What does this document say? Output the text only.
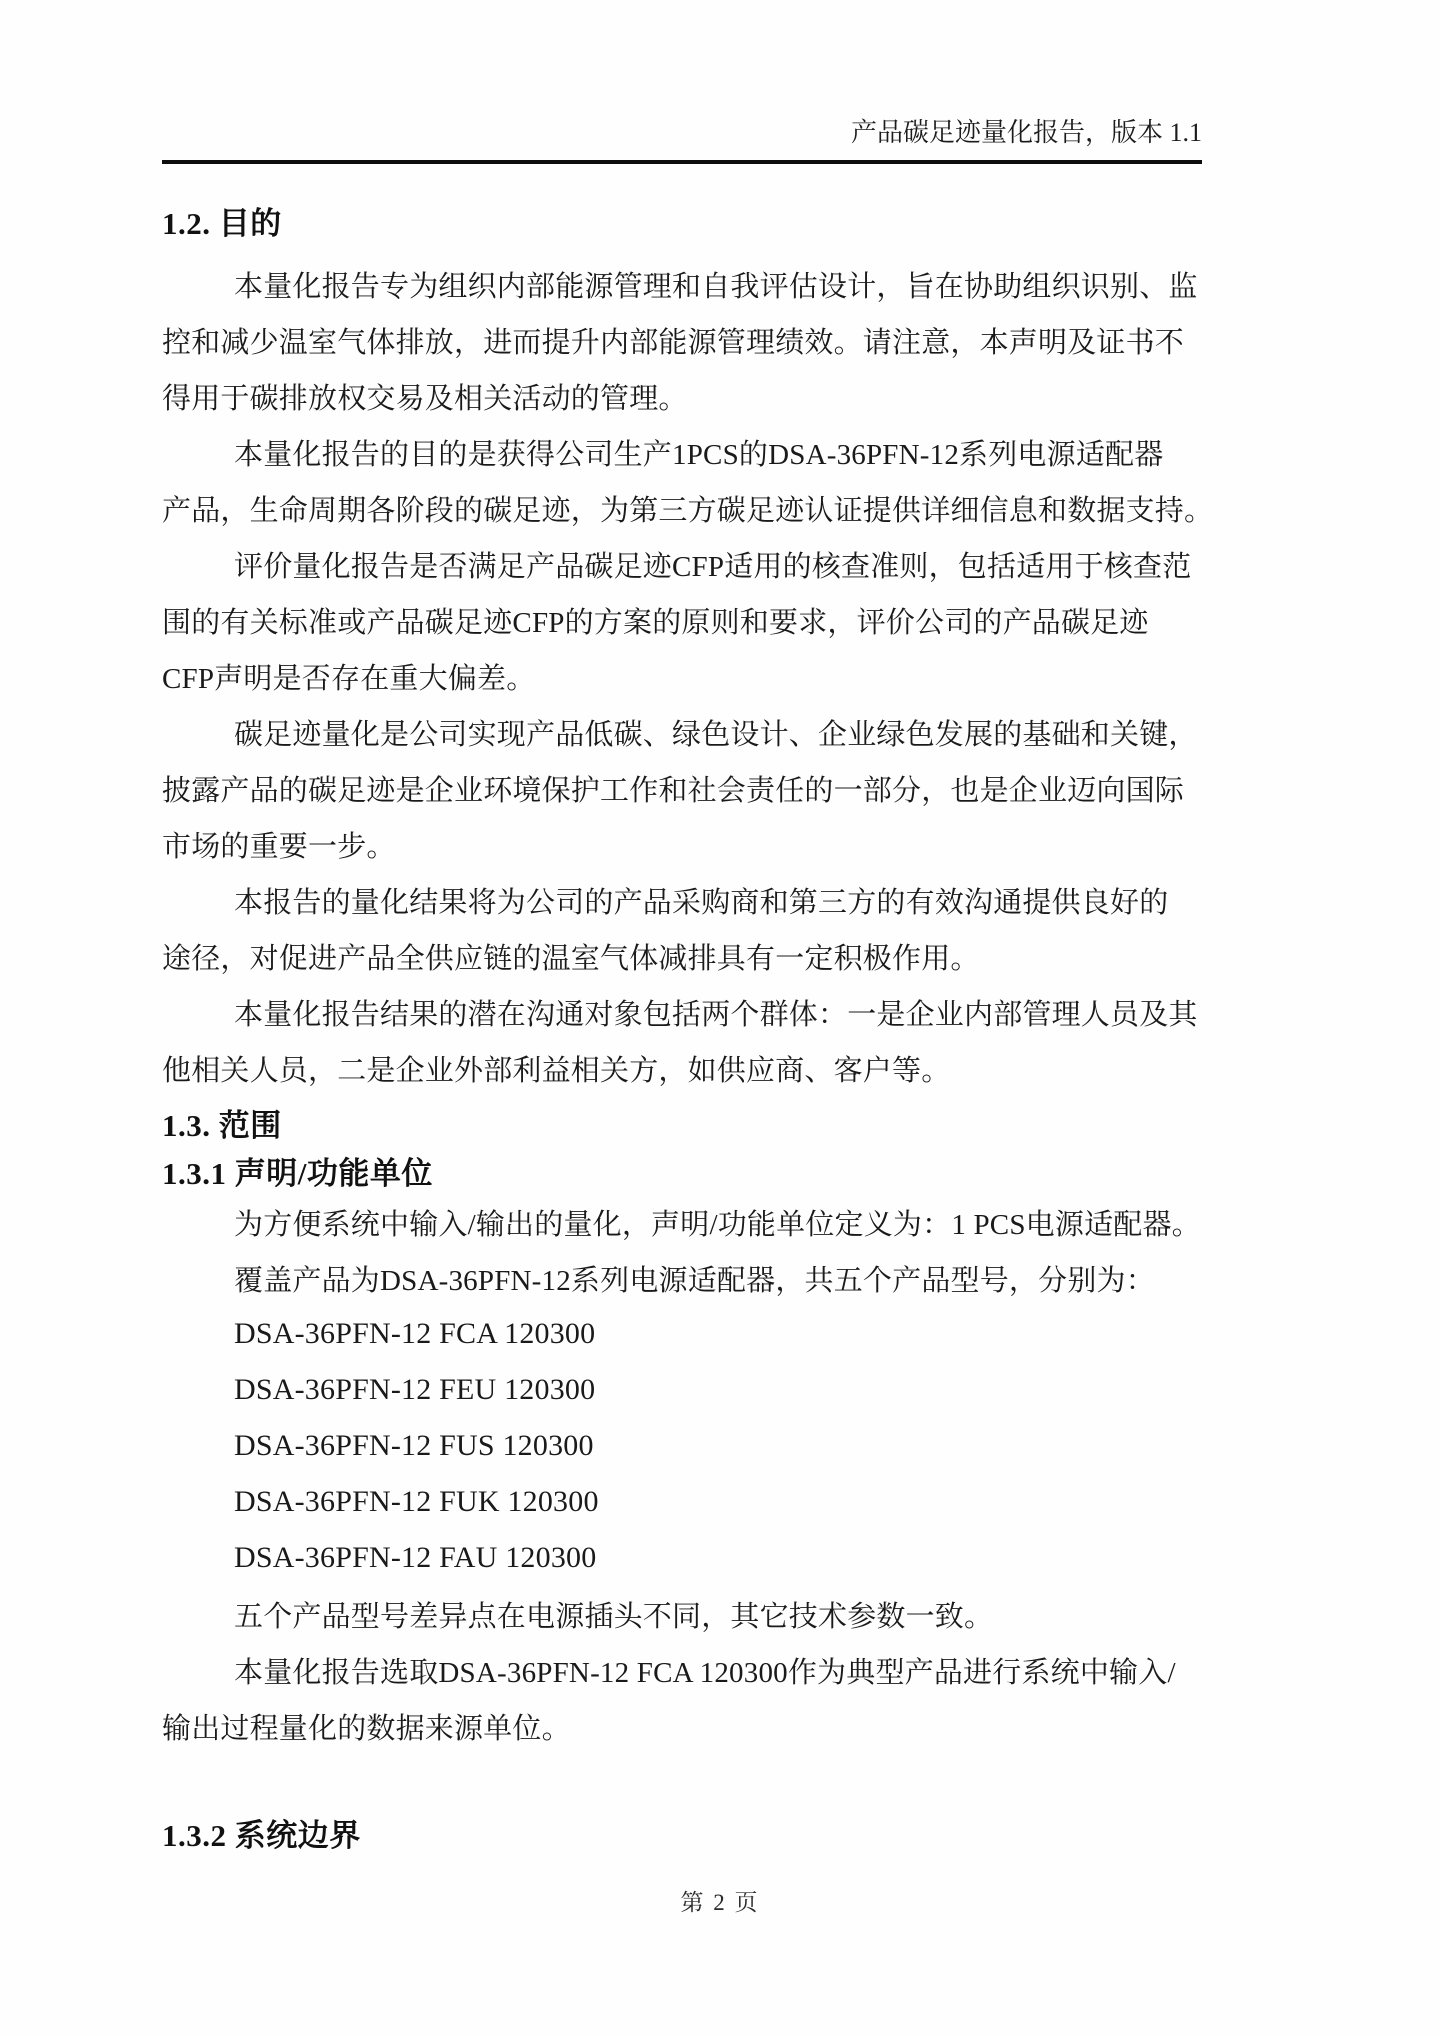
产品碳足迹量化报告，版本 1.1
1.2. 目的
本量化报告专为组织内部能源管理和自我评估设计，旨在协助组织识别、监
控和减少温室气体排放，进而提升内部能源管理绩效。请注意，本声明及证书不
得用于碳排放权交易及相关活动的管理。
本量化报告的目的是获得公司生产1PCS的DSA-36PFN-12系列电源适配器
产品，生命周期各阶段的碳足迹，为第三方碳足迹认证提供详细信息和数据支持。
评价量化报告是否满足产品碳足迹CFP适用的核查准则，包括适用于核查范
围的有关标准或产品碳足迹CFP的方案的原则和要求，评价公司的产品碳足迹
CFP声明是否存在重大偏差。
碳足迹量化是公司实现产品低碳、绿色设计、企业绿色发展的基础和关键，
披露产品的碳足迹是企业环境保护工作和社会责任的一部分，也是企业迈向国际
市场的重要一步。
本报告的量化结果将为公司的产品采购商和第三方的有效沟通提供良好的
途径，对促进产品全供应链的温室气体减排具有一定积极作用。
本量化报告结果的潜在沟通对象包括两个群体：一是企业内部管理人员及其
他相关人员，二是企业外部利益相关方，如供应商、客户等。
1.3. 范围
1.3.1 声明/功能单位
为方便系统中输入/输出的量化，声明/功能单位定义为：1 PCS电源适配器。
覆盖产品为DSA-36PFN-12系列电源适配器，共五个产品型号，分别为：
DSA-36PFN-12 FCA 120300
DSA-36PFN-12 FEU 120300
DSA-36PFN-12 FUS 120300
DSA-36PFN-12 FUK 120300
DSA-36PFN-12 FAU 120300
五个产品型号差异点在电源插头不同，其它技术参数一致。
本量化报告选取DSA-36PFN-12 FCA 120300作为典型产品进行系统中输入/
输出过程量化的数据来源单位。
1.3.2 系统边界
第 2 页
